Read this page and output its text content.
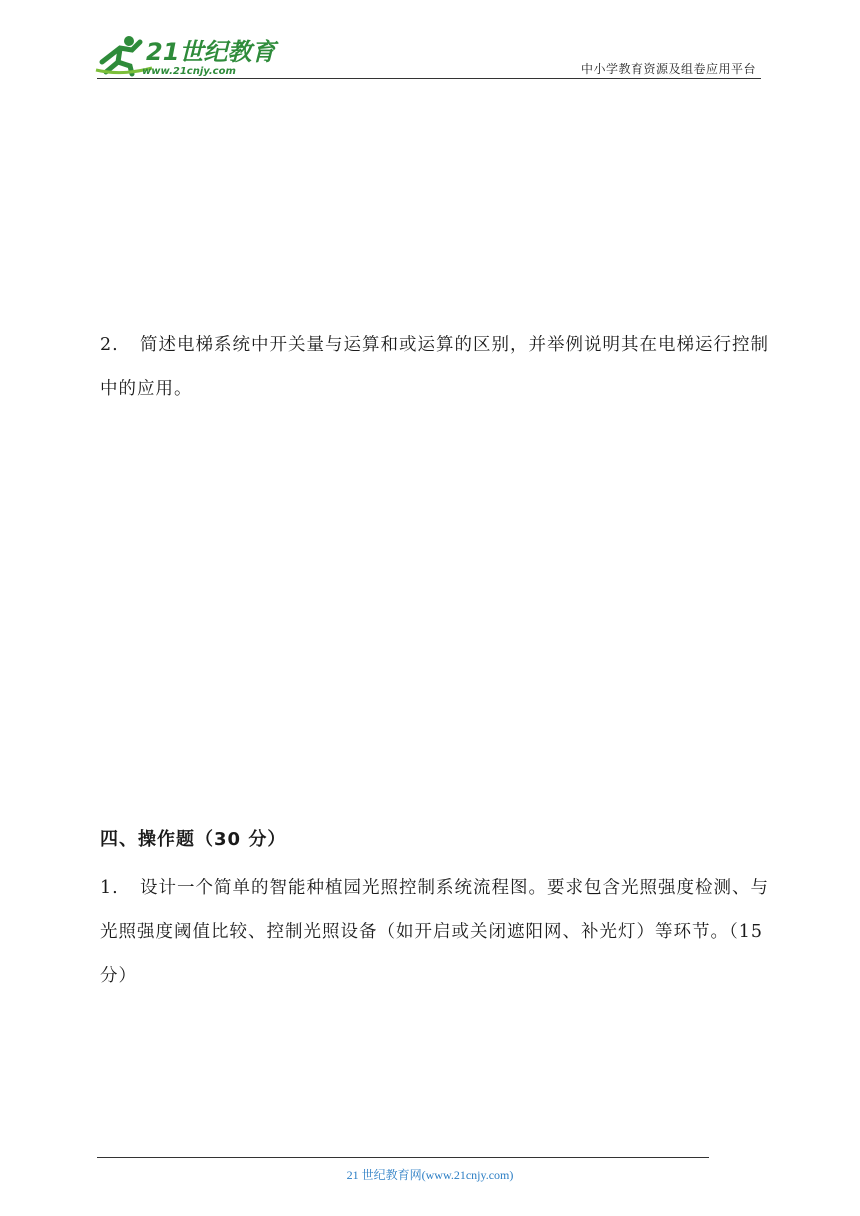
21世纪教育
www.21cnjy.com	中小学教育资源及组卷应用平台

2. 简述电梯系统中开关量与运算和或运算的区别，并举例说明其在电梯运行控制中的应用。

四、操作题（30 分）

1. 设计一个简单的智能种植园光照控制系统流程图。要求包含光照强度检测、与光照强度阈值比较、控制光照设备（如开启或关闭遮阳网、补光灯）等环节。（15 分）

21 世纪教育网(www.21cnjy.com)
